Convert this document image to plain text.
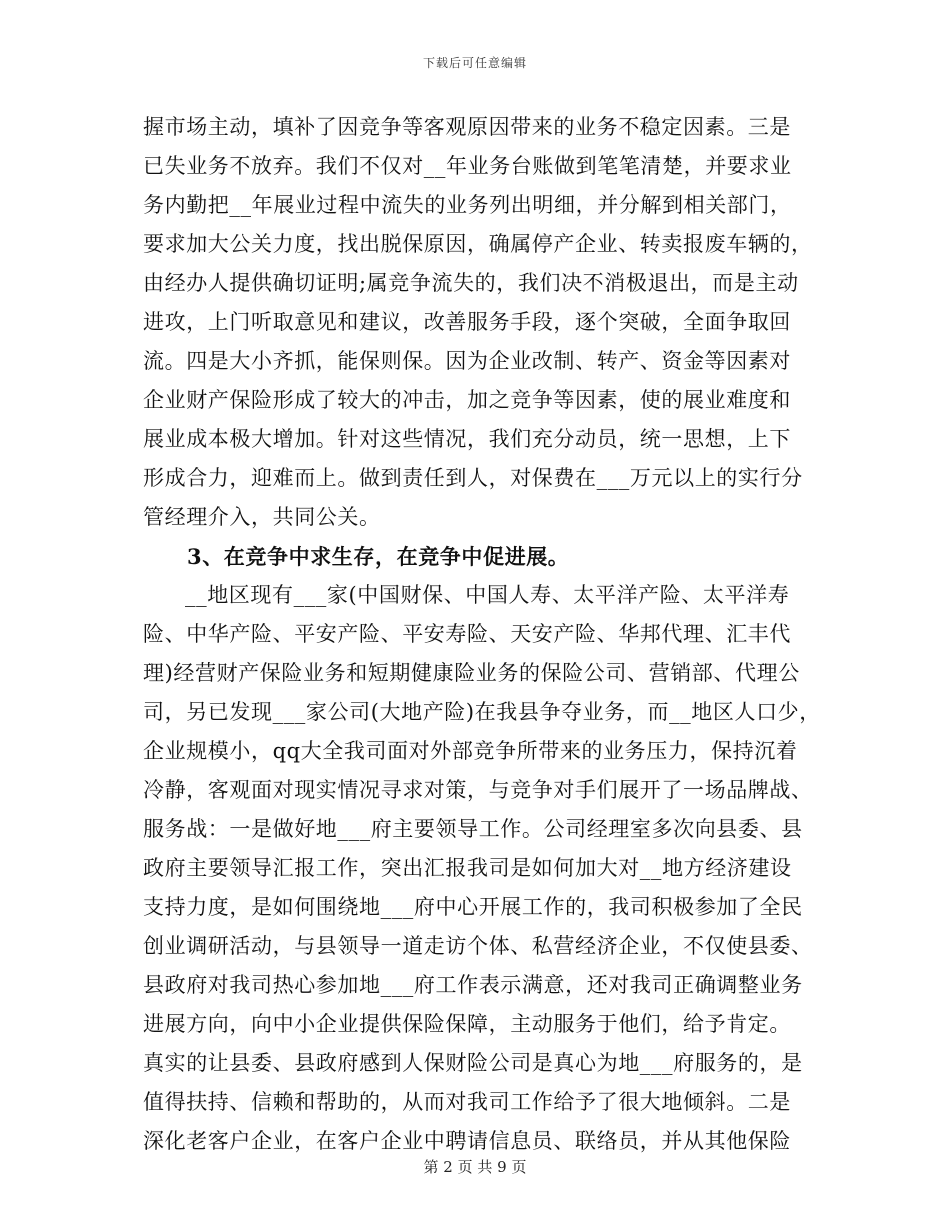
下载后可任意编辑
握市场主动，填补了因竞争等客观原因带来的业务不稳定因素。三是
已失业务不放弃。我们不仅对__年业务台账做到笔笔清楚，并要求业
务内勤把__年展业过程中流失的业务列出明细，并分解到相关部门，
要求加大公关力度，找出脱保原因，确属停产企业、转卖报废车辆的，
由经办人提供确切证明;属竞争流失的，我们决不消极退出，而是主动
进攻，上门听取意见和建议，改善服务手段，逐个突破，全面争取回
流。四是大小齐抓，能保则保。因为企业改制、转产、资金等因素对
企业财产保险形成了较大的冲击，加之竞争等因素，使的展业难度和
展业成本极大增加。针对这些情况，我们充分动员，统一思想，上下
形成合力，迎难而上。做到责任到人，对保费在___万元以上的实行分
管经理介入，共同公关。
3、在竞争中求生存，在竞争中促进展。
__地区现有___家(中国财保、中国人寿、太平洋产险、太平洋寿
险、中华产险、平安产险、平安寿险、天安产险、华邦代理、汇丰代
理)经营财产保险业务和短期健康险业务的保险公司、营销部、代理公
司，另已发现___家公司(大地产险)在我县争夺业务，而__地区人口少，
企业规模小，qq大全我司面对外部竞争所带来的业务压力，保持沉着
冷静，客观面对现实情况寻求对策，与竞争对手们展开了一场品牌战、
服务战：一是做好地___府主要领导工作。公司经理室多次向县委、县
政府主要领导汇报工作，突出汇报我司是如何加大对__地方经济建设
支持力度，是如何围绕地___府中心开展工作的，我司积极参加了全民
创业调研活动，与县领导一道走访个体、私营经济企业，不仅使县委、
县政府对我司热心参加地___府工作表示满意，还对我司正确调整业务
进展方向，向中小企业提供保险保障，主动服务于他们，给予肯定。
真实的让县委、县政府感到人保财险公司是真心为地___府服务的，是
值得扶持、信赖和帮助的，从而对我司工作给予了很大地倾斜。二是
深化老客户企业，在客户企业中聘请信息员、联络员，并从其他保险
第 2 页 共 9 页
